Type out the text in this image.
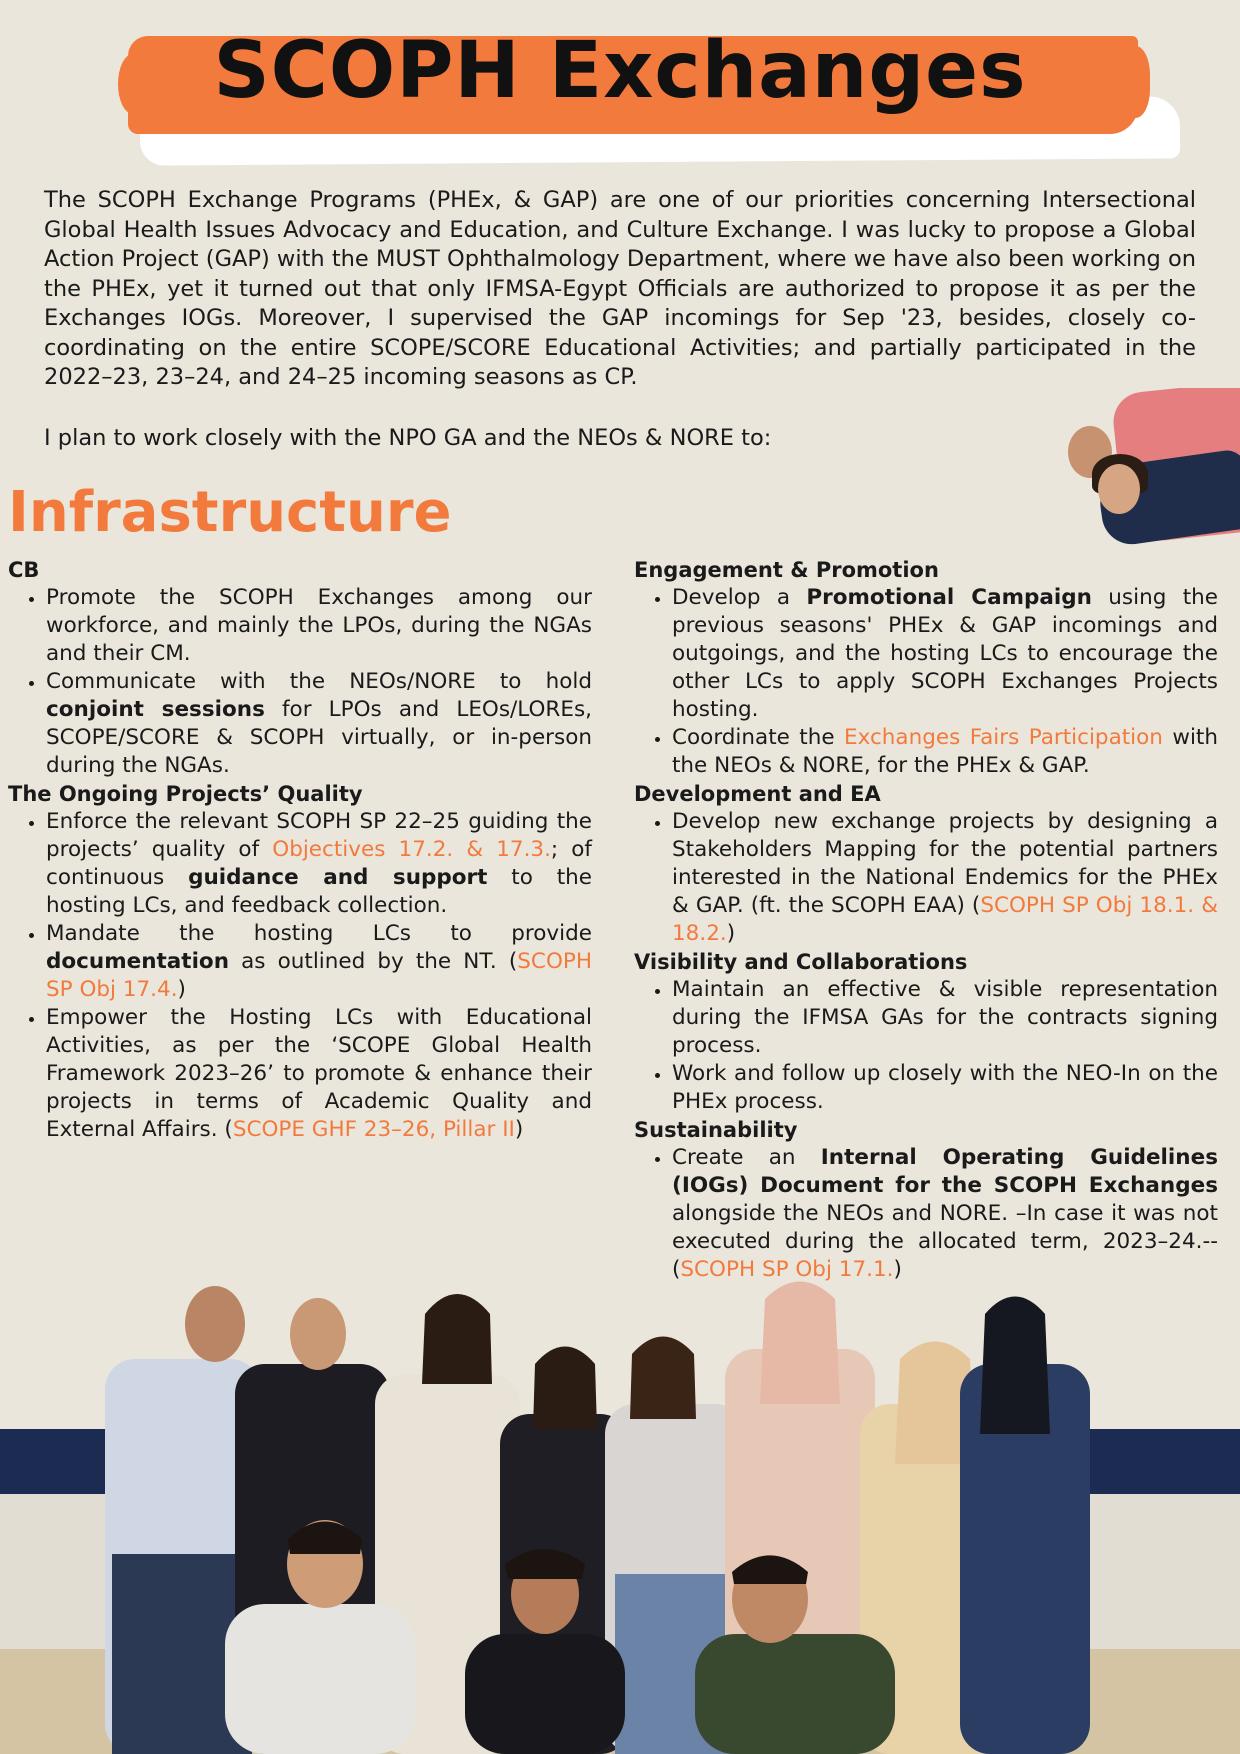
SCOPH Exchanges

The SCOPH Exchange Programs (PHEx, & GAP) are one of our priorities concerning Intersectional Global Health Issues Advocacy and Education, and Culture Exchange. I was lucky to propose a Global Action Project (GAP) with the MUST Ophthalmology Department, where we have also been working on the PHEx, yet it turned out that only IFMSA-Egypt Officials are authorized to propose it as per the Exchanges IOGs. Moreover, I supervised the GAP incomings for Sep '23, besides, closely co-coordinating on the entire SCOPE/SCORE Educational Activities; and partially participated in the 2022–23, 23–24, and 24–25 incoming seasons as CP.

I plan to work closely with the NPO GA and the NEOs & NORE to:

Infrastructure
CB
• Promote the SCOPH Exchanges among our workforce, and mainly the LPOs, during the NGAs and their CM.
• Communicate with the NEOs/NORE to hold conjoint sessions for LPOs and LEOs/LOREs, SCOPE/SCORE & SCOPH virtually, or in-person during the NGAs.
The Ongoing Projects’ Quality
• Enforce the relevant SCOPH SP 22–25 guiding the projects’ quality of Objectives 17.2. & 17.3.; of continuous guidance and support to the hosting LCs, and feedback collection.
• Mandate the hosting LCs to provide documentation as outlined by the NT. (SCOPH SP Obj 17.4.)
• Empower the Hosting LCs with Educational Activities, as per the ‘SCOPE Global Health Framework 2023–26’ to promote & enhance their projects in terms of Academic Quality and External Affairs. (SCOPE GHF 23–26, Pillar II)
Engagement & Promotion
• Develop a Promotional Campaign using the previous seasons' PHEx & GAP incomings and outgoings, and the hosting LCs to encourage the other LCs to apply SCOPH Exchanges Projects hosting.
• Coordinate the Exchanges Fairs Participation with the NEOs & NORE, for the PHEx & GAP.
Development and EA
• Develop new exchange projects by designing a Stakeholders Mapping for the potential partners interested in the National Endemics for the PHEx & GAP. (ft. the SCOPH EAA) (SCOPH SP Obj 18.1. & 18.2.)
Visibility and Collaborations
• Maintain an effective & visible representation during the IFMSA GAs for the contracts signing process.
• Work and follow up closely with the NEO-In on the PHEx process.
Sustainability
• Create an Internal Operating Guidelines (IOGs) Document for the SCOPH Exchanges alongside the NEOs and NORE. –In case it was not executed during the allocated term, 2023–24.-- (SCOPH SP Obj 17.1.)
